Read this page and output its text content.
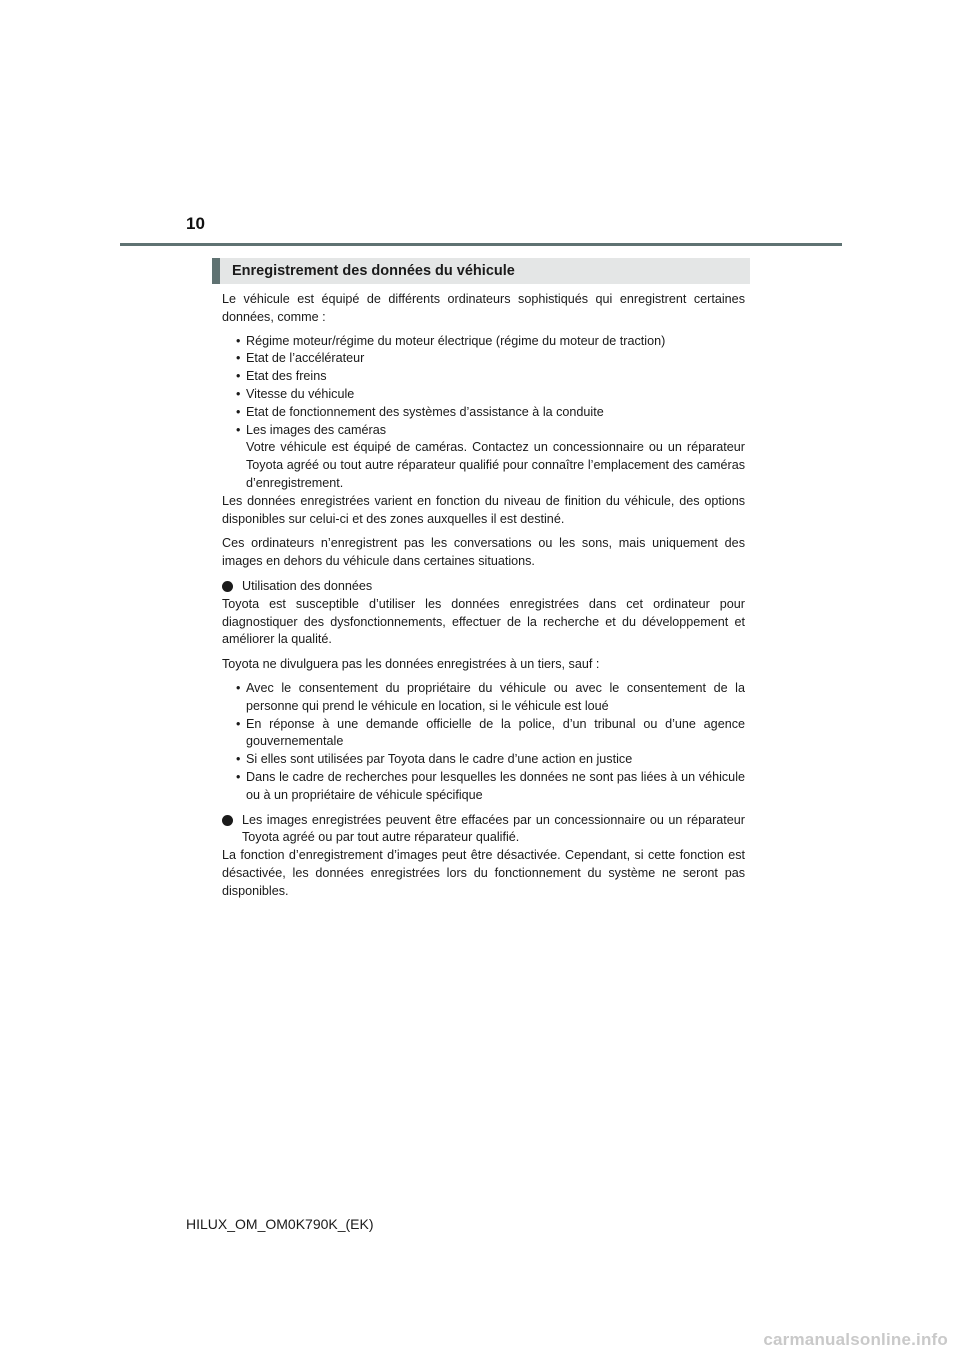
10
Enregistrement des données du véhicule

Le véhicule est équipé de différents ordinateurs sophistiqués qui enregistrent certaines données, comme :

• Régime moteur/régime du moteur électrique (régime du moteur de traction)
• Etat de l’accélérateur
• Etat des freins
• Vitesse du véhicule
• Etat de fonctionnement des systèmes d’assistance à la conduite
• Les images des caméras
Votre véhicule est équipé de caméras. Contactez un concessionnaire ou un réparateur Toyota agréé ou tout autre réparateur qualifié pour connaître l’emplacement des caméras d’enregistrement.

Les données enregistrées varient en fonction du niveau de finition du véhicule, des options disponibles sur celui-ci et des zones auxquelles il est destiné.

Ces ordinateurs n’enregistrent pas les conversations ou les sons, mais uniquement des images en dehors du véhicule dans certaines situations.

Utilisation des données

Toyota est susceptible d’utiliser les données enregistrées dans cet ordinateur pour diagnostiquer des dysfonctionnements, effectuer de la recherche et du développement et améliorer la qualité.

Toyota ne divulguera pas les données enregistrées à un tiers, sauf :

• Avec le consentement du propriétaire du véhicule ou avec le consentement de la personne qui prend le véhicule en location, si le véhicule est loué
• En réponse à une demande officielle de la police, d’un tribunal ou d’une agence gouvernementale
• Si elles sont utilisées par Toyota dans le cadre d’une action en justice
• Dans le cadre de recherches pour lesquelles les données ne sont pas liées à un véhicule ou à un propriétaire de véhicule spécifique
Les images enregistrées peuvent être effacées par un concessionnaire ou un réparateur Toyota agréé ou par tout autre réparateur qualifié.

La fonction d’enregistrement d’images peut être désactivée. Cependant, si cette fonction est désactivée, les données enregistrées lors du fonctionnement du système ne seront pas disponibles.

HILUX_OM_OM0K790K_(EK)
carmanualsonline.info
